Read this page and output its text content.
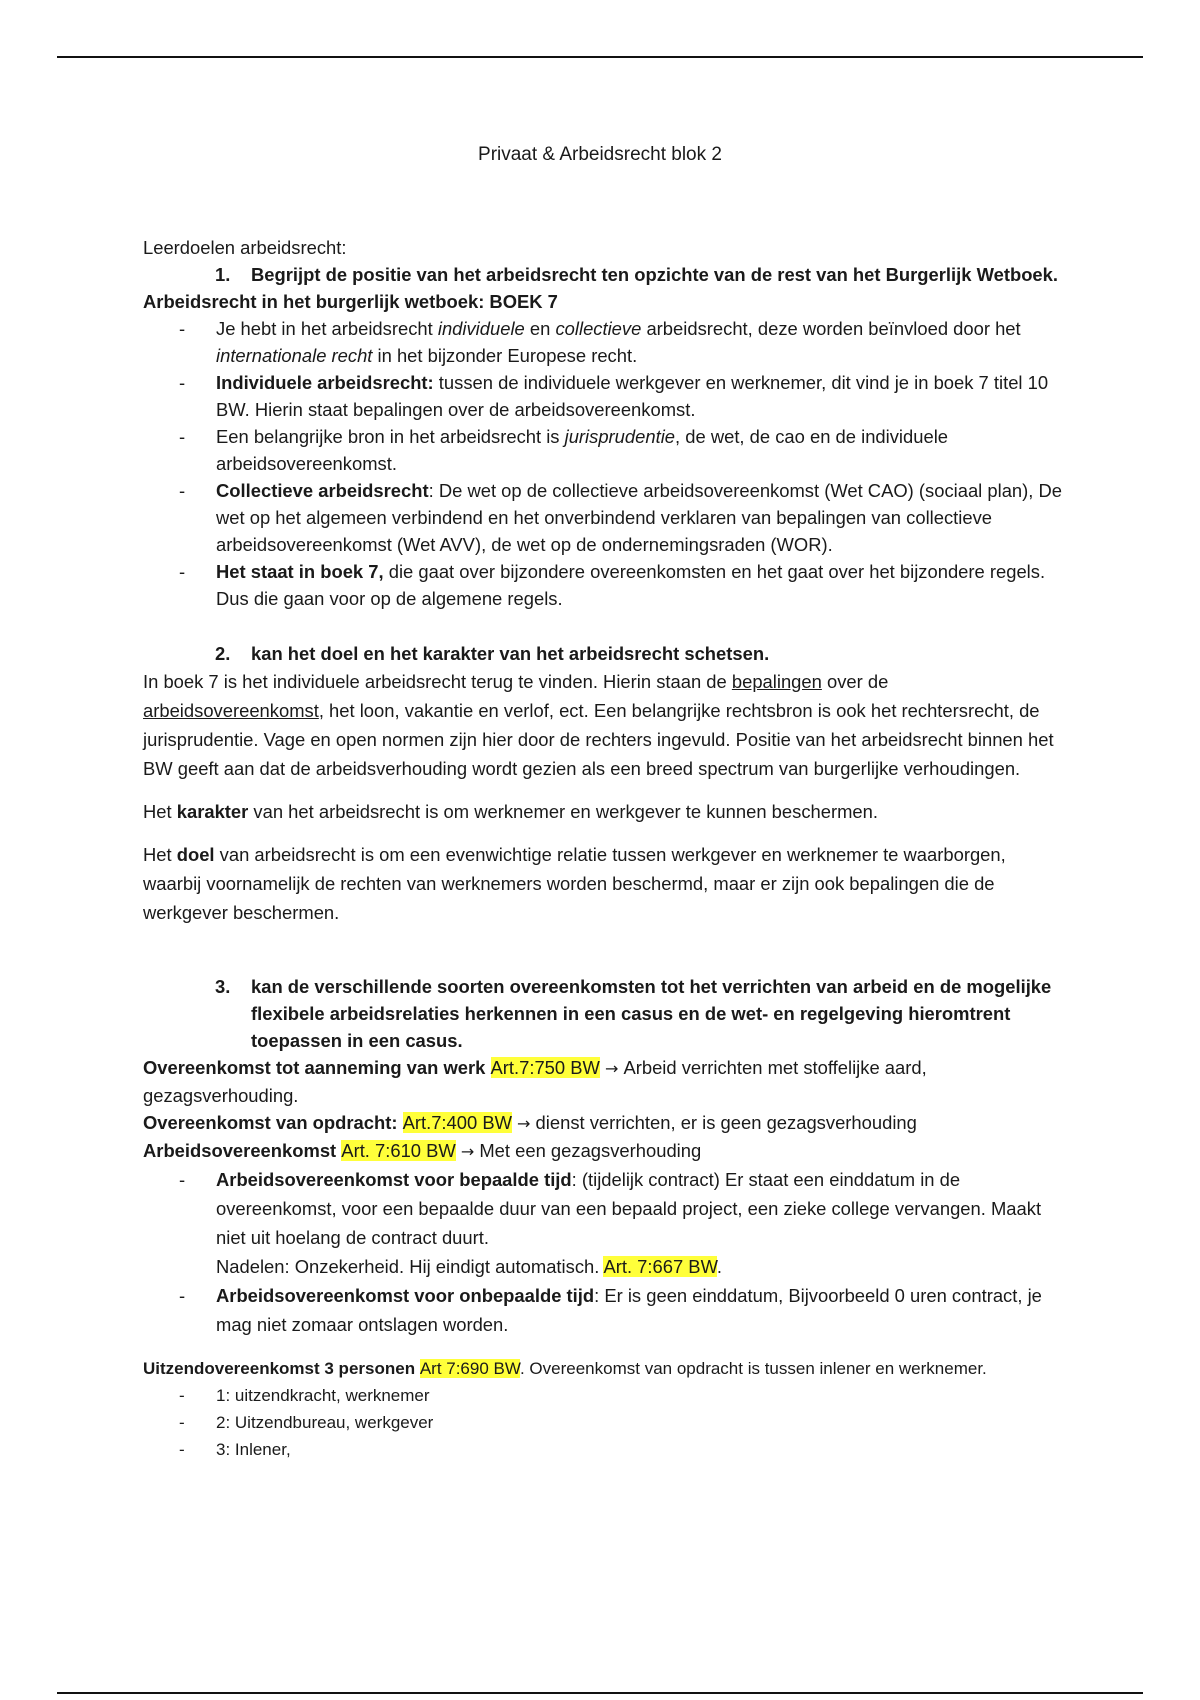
Privaat & Arbeidsrecht blok 2

Leerdoelen arbeidsrecht:

1.	Begrijpt de positie van het arbeidsrecht ten opzichte van de rest van het Burgerlijk Wetboek.

Arbeidsrecht in het burgerlijk wetboek: BOEK 7

- Je hebt in het arbeidsrecht individuele en collectieve arbeidsrecht, deze worden beïnvloed door het internationale recht in het bijzonder Europese recht.
- Individuele arbeidsrecht: tussen de individuele werkgever en werknemer, dit vind je in boek 7 titel 10 BW. Hierin staat bepalingen over de arbeidsovereenkomst.
- Een belangrijke bron in het arbeidsrecht is jurisprudentie, de wet, de cao en de individuele arbeidsovereenkomst.
- Collectieve arbeidsrecht: De wet op de collectieve arbeidsovereenkomst (Wet CAO) (sociaal plan), De wet op het algemeen verbindend en het onverbindend verklaren van bepalingen van collectieve arbeidsovereenkomst (Wet AVV), de wet op de ondernemingsraden (WOR).
- Het staat in boek 7, die gaat over bijzondere overeenkomsten en het gaat over het bijzondere regels. Dus die gaan voor op de algemene regels.
2.	kan het doel en het karakter van het arbeidsrecht schetsen.

In boek 7 is het individuele arbeidsrecht terug te vinden. Hierin staan de bepalingen over de arbeidsovereenkomst, het loon, vakantie en verlof, ect. Een belangrijke rechtsbron is ook het rechtersrecht, de jurisprudentie. Vage en open normen zijn hier door de rechters ingevuld. Positie van het arbeidsrecht binnen het BW geeft aan dat de arbeidsverhouding wordt gezien als een breed spectrum van burgerlijke verhoudingen.

Het karakter van het arbeidsrecht is om werknemer en werkgever te kunnen beschermen.

Het doel van arbeidsrecht is om een evenwichtige relatie tussen werkgever en werknemer te waarborgen, waarbij voornamelijk de rechten van werknemers worden beschermd, maar er zijn ook bepalingen die de werkgever beschermen.

3.	kan de verschillende soorten overeenkomsten tot het verrichten van arbeid en de mogelijke flexibele arbeidsrelaties herkennen in een casus en de wet- en regelgeving hieromtrent toepassen in een casus.

Overeenkomst tot aanneming van werk Art.7:750 BW → Arbeid verrichten met stoffelijke aard, gezagsverhouding.

Overeenkomst van opdracht: Art.7:400 BW → dienst verrichten, er is geen gezagsverhouding

Arbeidsovereenkomst Art. 7:610 BW → Met een gezagsverhouding

- Arbeidsovereenkomst voor bepaalde tijd: (tijdelijk contract) Er staat een einddatum in de overeenkomst, voor een bepaalde duur van een bepaald project, een zieke college vervangen. Maakt niet uit hoelang de contract duurt.
Nadelen: Onzekerheid. Hij eindigt automatisch. Art. 7:667 BW.
- Arbeidsovereenkomst voor onbepaalde tijd: Er is geen einddatum, Bijvoorbeeld 0 uren contract, je mag niet zomaar ontslagen worden.

Uitzendovereenkomst 3 personen Art 7:690 BW. Overeenkomst van opdracht is tussen inlener en werknemer.

- 1: uitzendkracht, werknemer
- 2: Uitzendbureau, werkgever
- 3: Inlener,
